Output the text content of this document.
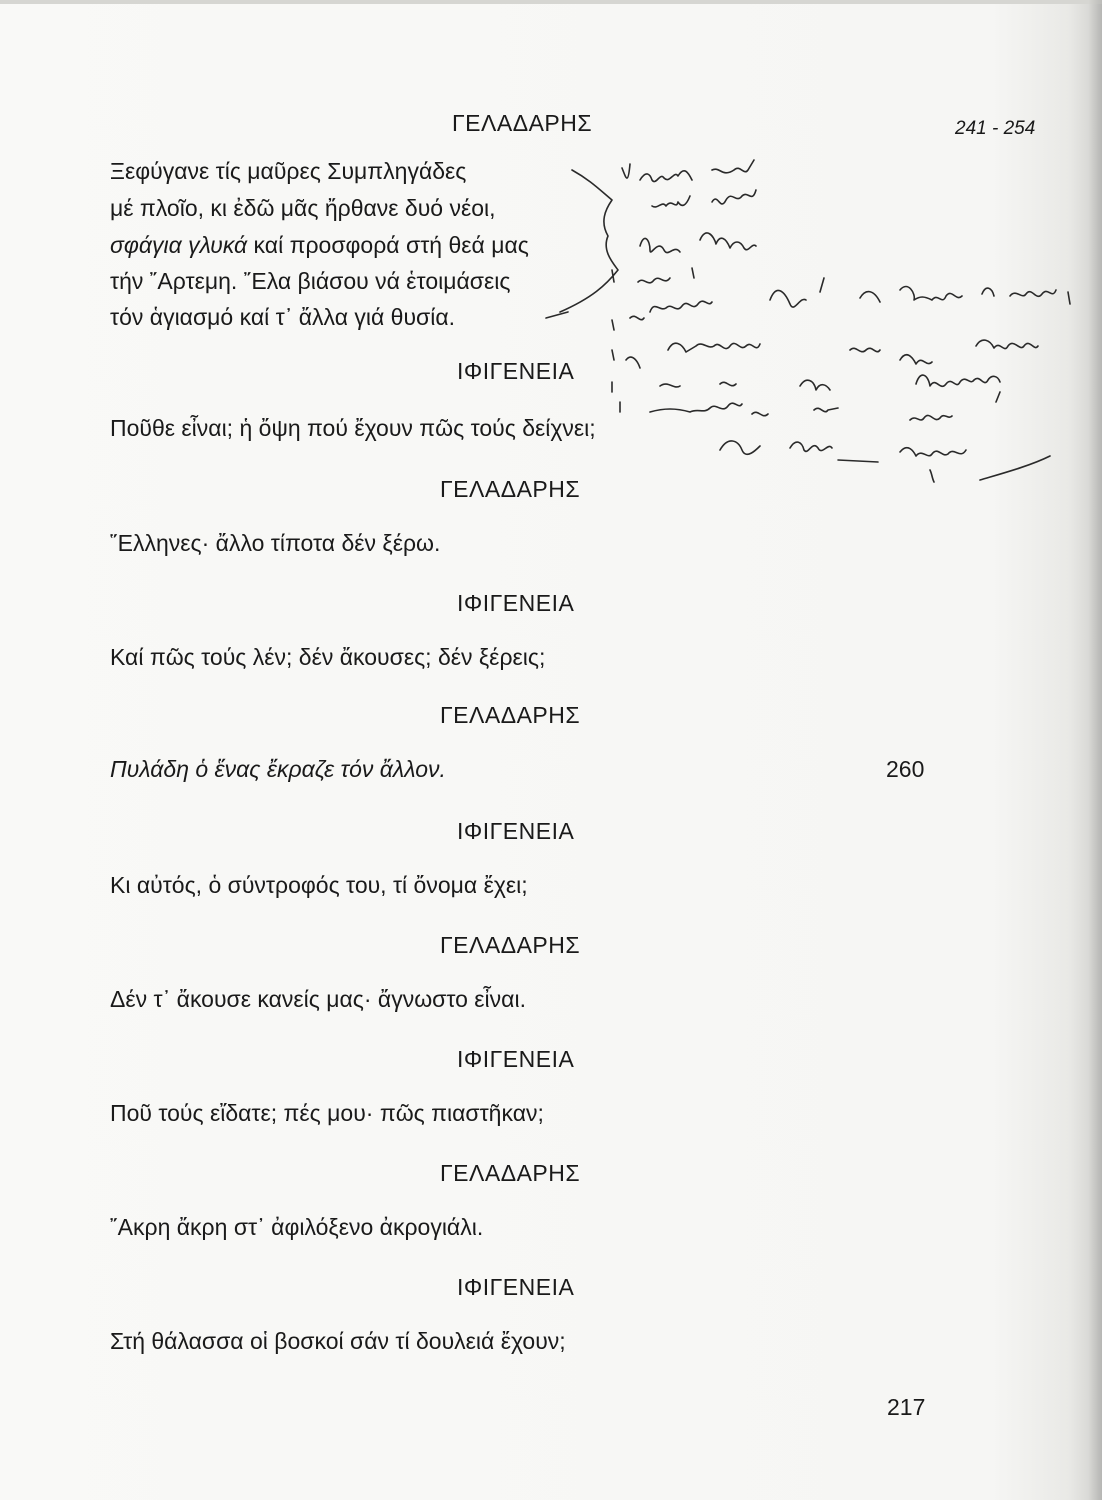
241 - 254
ΓΕΛΑΔΑΡΗΣ
Ξεφύγανε τίς μαῦρες Συμπληγάδες
μέ πλοῖο, κι ἐδῶ μᾶς ἤρθανε δυό νέοι,
σφάγια γλυκά καί προσφορά στή θεά μας
τήν ῎Αρτεμη. ῎Ελα βιάσου νά ἑτοιμάσεις
τόν ἁγιασμό καί τ᾽ ἄλλα γιά θυσία.
ΙΦΙΓΕΝΕΙΑ
Ποῦθε εἶναι; ἡ ὄψη πού ἔχουν πῶς τούς δείχνει;
ΓΕΛΑΔΑΡΗΣ
῞Ελληνες· ἄλλο τίποτα δέν ξέρω.
ΙΦΙΓΕΝΕΙΑ
Καί πῶς τούς λέν; δέν ἄκουσες; δέν ξέρεις;
ΓΕΛΑΔΑΡΗΣ
Πυλάδη ὁ ἕνας ἔκραζε τόν ἄλλον.	260
ΙΦΙΓΕΝΕΙΑ
Κι αὐτός, ὁ σύντροφός του, τί ὄνομα ἔχει;
ΓΕΛΑΔΑΡΗΣ
Δέν τ᾽ ἄκουσε κανείς μας· ἄγνωστο εἶναι.
ΙΦΙΓΕΝΕΙΑ
Ποῦ τούς εἴδατε; πές μου· πῶς πιαστῆκαν;
ΓΕΛΑΔΑΡΗΣ
῎Ακρη ἄκρη στ᾽ ἀφιλόξενο ἀκρογιάλι.
ΙΦΙΓΕΝΕΙΑ
Στή θάλασσα οἱ βοσκοί σάν τί δουλειά ἔχουν;
217
